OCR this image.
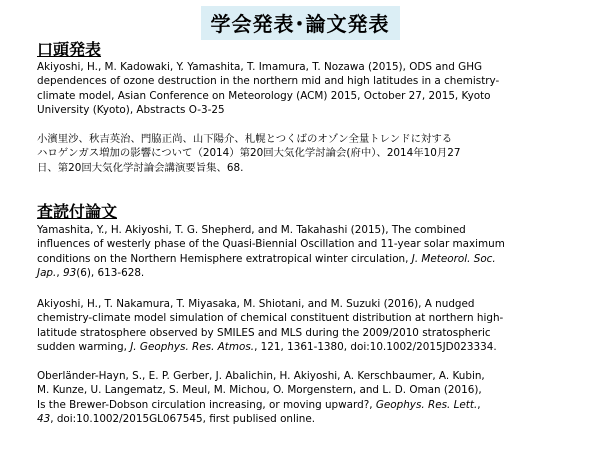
学会発表･論文発表
口頭発表
Akiyoshi, H., M. Kadowaki, Y. Yamashita, T. Imamura, T. Nozawa (2015), ODS and GHG
dependences of ozone destruction in the northern mid and high latitudes in a chemistry-
climate model, Asian Conference on Meteorology (ACM) 2015, October 27, 2015, Kyoto
University (Kyoto), Abstracts O-3-25
小濱里沙、秋吉英治、門脇正尚、山下陽介、札幌とつくばのオゾン全量トレンドに対する
ハロゲンガス増加の影響について（2014）第20回大気化学討論会(府中）、2014年10月27
日、第20回大気化学討論会講演要旨集、68.
査読付論文
Yamashita, Y., H. Akiyoshi, T. G. Shepherd, and M. Takahashi (2015), The combined
influences of westerly phase of the Quasi-Biennial Oscillation and 11-year solar maximum
conditions on the Northern Hemisphere extratropical winter circulation, J. Meteorol. Soc.
Jap., 93(6), 613-628.
Akiyoshi, H., T. Nakamura, T. Miyasaka, M. Shiotani, and M. Suzuki (2016), A nudged
chemistry-climate model simulation of chemical constituent distribution at northern high-
latitude stratosphere observed by SMILES and MLS during the 2009/2010 stratospheric
sudden warming, J. Geophys. Res. Atmos., 121, 1361-1380, doi:10.1002/2015JD023334.
Oberländer-Hayn, S., E. P. Gerber, J. Abalichin, H. Akiyoshi, A. Kerschbaumer, A. Kubin,
M. Kunze, U. Langematz, S. Meul, M. Michou, O. Morgenstern, and L. D. Oman (2016),
Is the Brewer-Dobson circulation increasing, or moving upward?, Geophys. Res. Lett.,
43, doi:10.1002/2015GL067545, first publised online.
